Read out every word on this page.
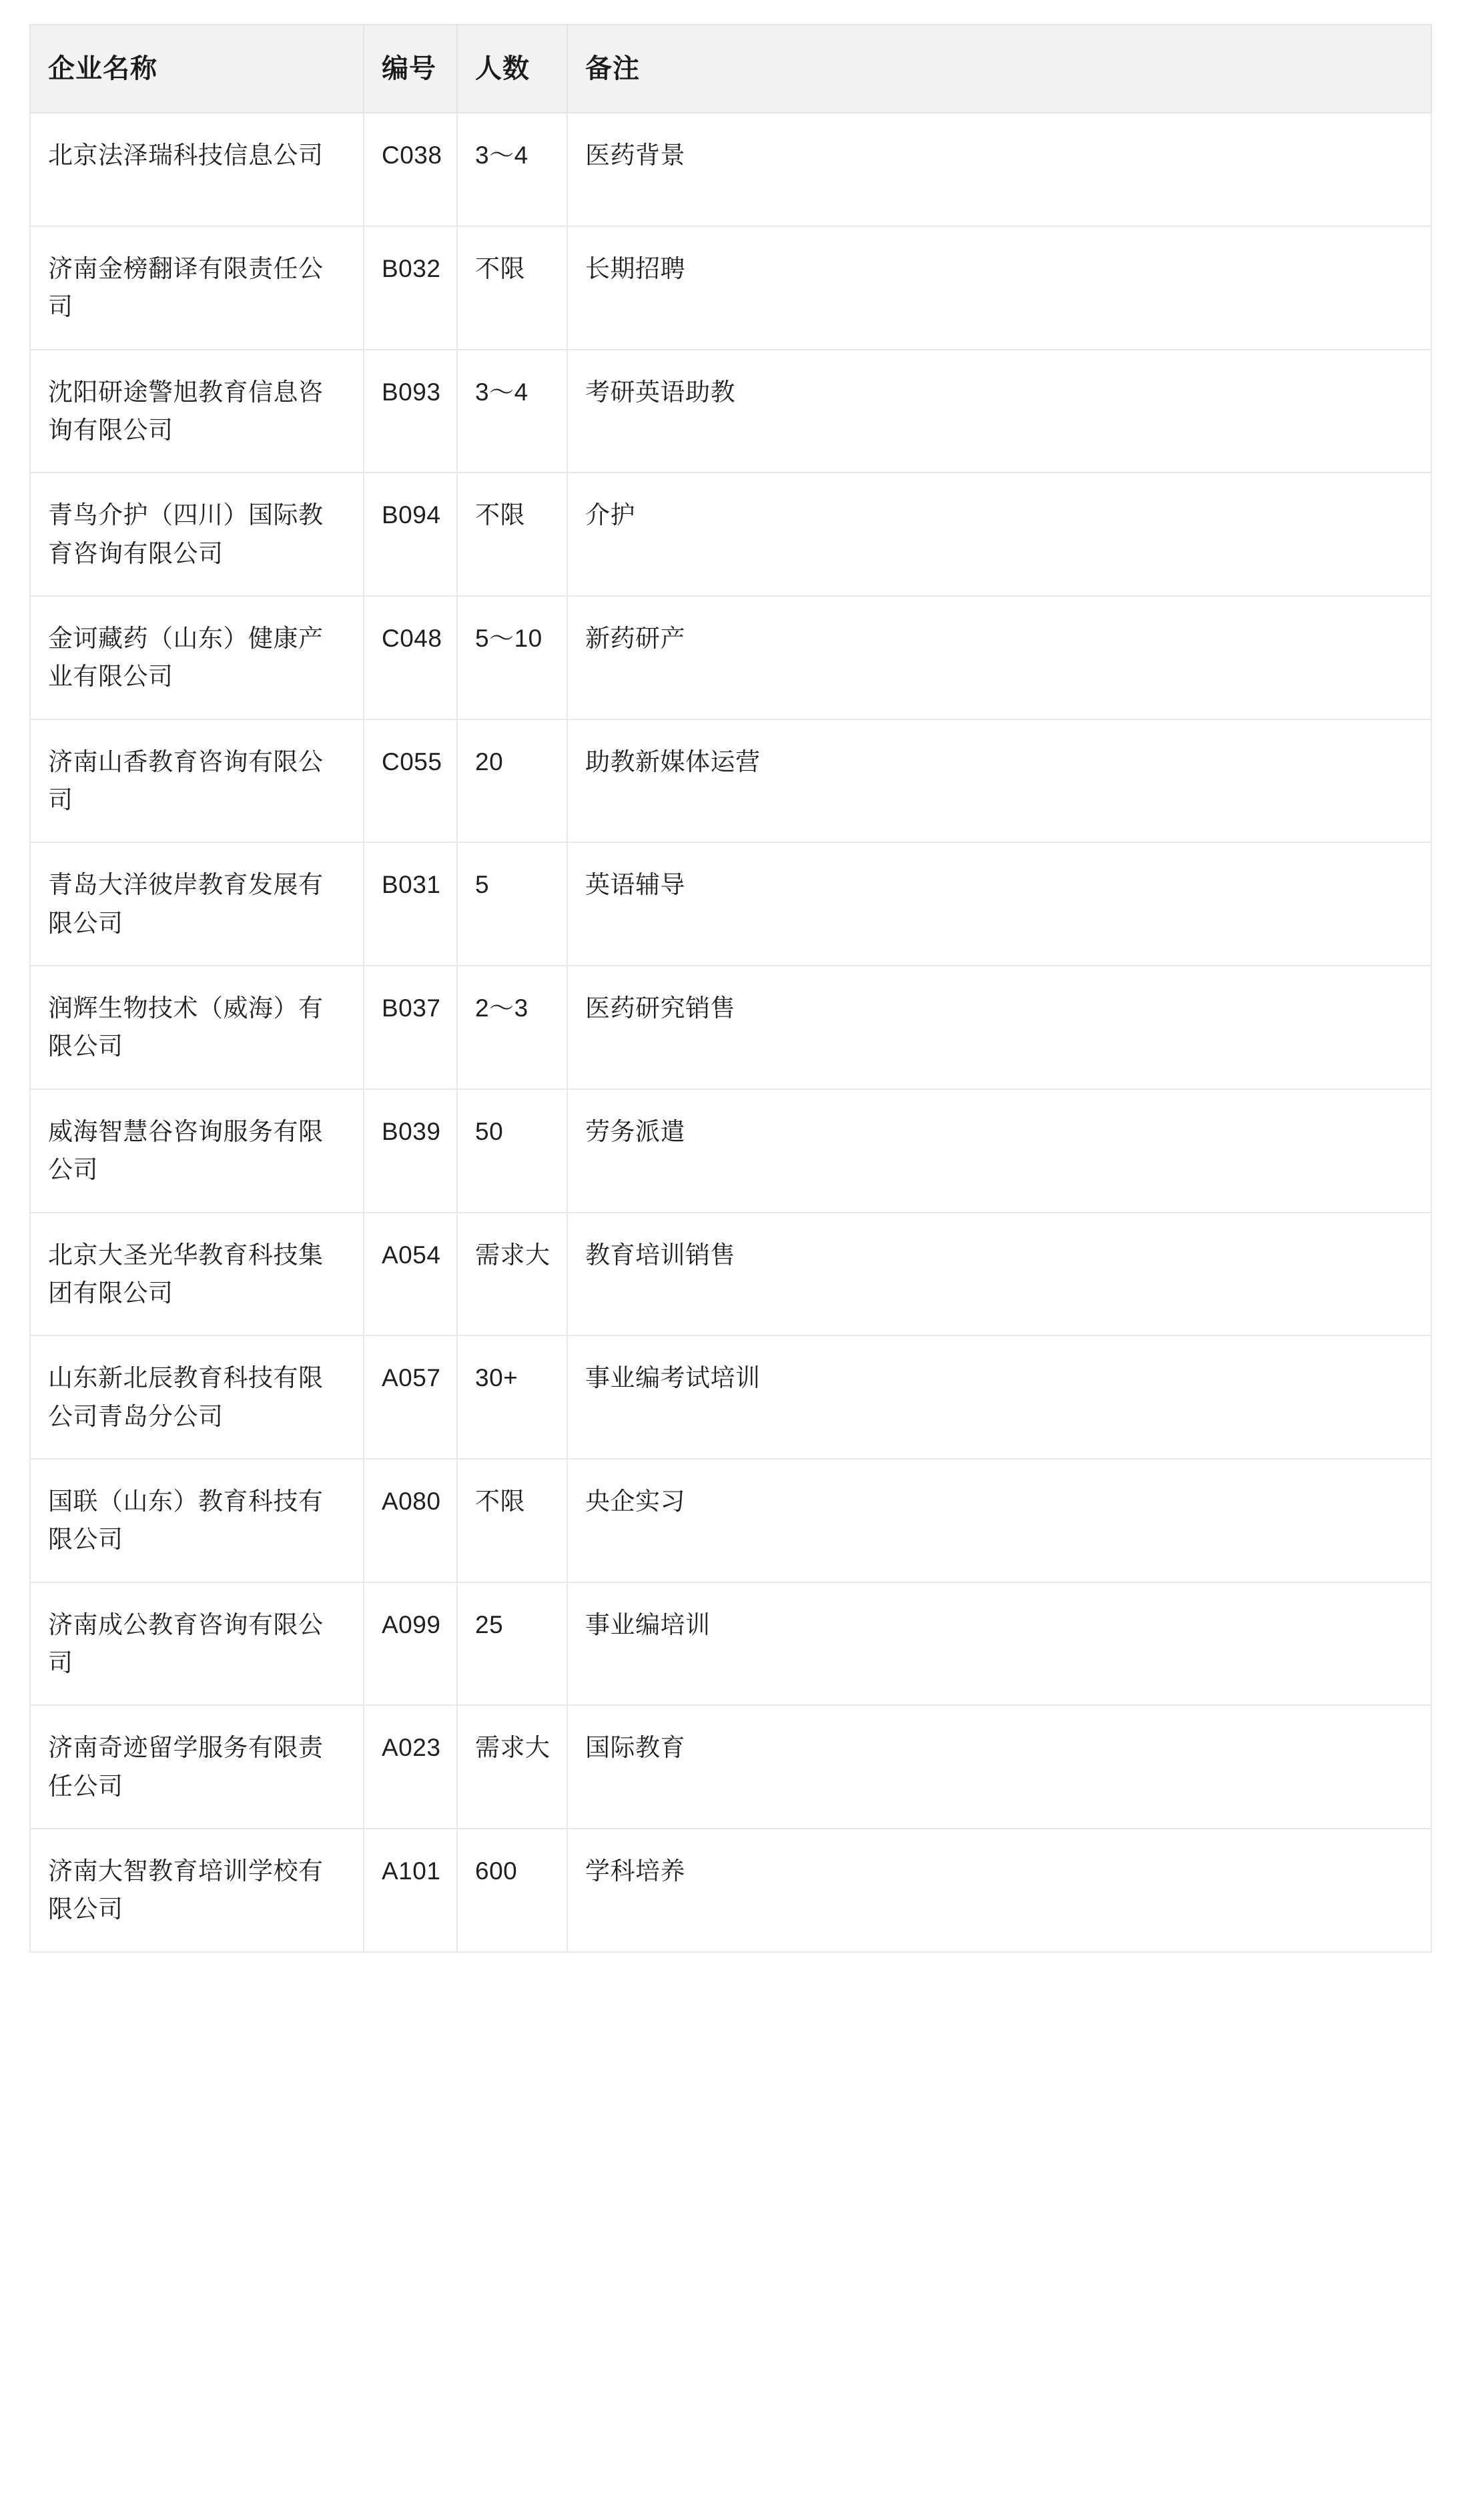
企业名称	编号	人数	备注
北京法泽瑞科技信息公司	C038	3～4	医药背景
济南金榜翻译有限责任公司	B032	不限	长期招聘
沈阳研途警旭教育信息咨询有限公司	B093	3～4	考研英语助教
青鸟介护（四川）国际教育咨询有限公司	B094	不限	介护
金诃藏药（山东）健康产业有限公司	C048	5～10	新药研产
济南山香教育咨询有限公司	C055	20	助教新媒体运营
青岛大洋彼岸教育发展有限公司	B031	5	英语辅导
润辉生物技术（威海）有限公司	B037	2～3	医药研究销售
威海智慧谷咨询服务有限公司	B039	50	劳务派遣
北京大圣光华教育科技集团有限公司	A054	需求大	教育培训销售
山东新北辰教育科技有限公司青岛分公司	A057	30+	事业编考试培训
国联（山东）教育科技有限公司	A080	不限	央企实习
济南成公教育咨询有限公司	A099	25	事业编培训
济南奇迹留学服务有限责任公司	A023	需求大	国际教育
济南大智教育培训学校有限公司	A101	600	学科培养
